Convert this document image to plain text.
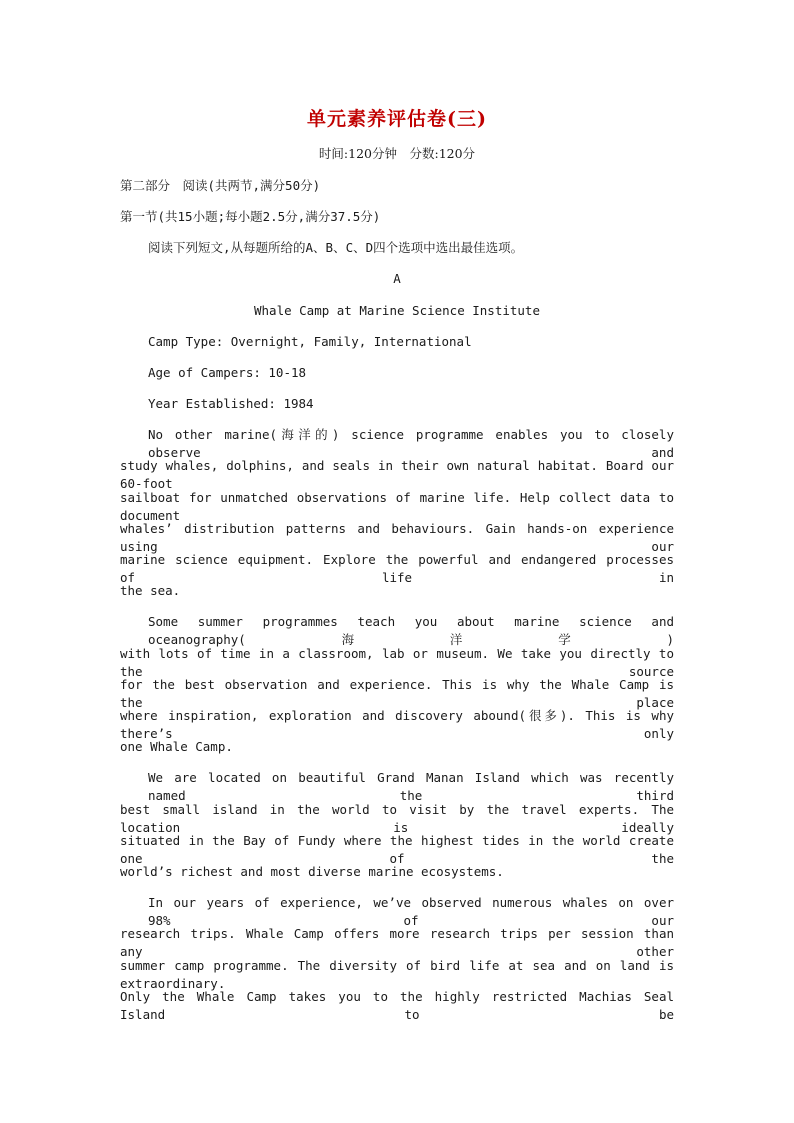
单元素养评估卷(三)
时间:120分钟　分数:120分
第二部分　阅读(共两节,满分50分)
第一节(共15小题;每小题2.5分,满分37.5分)
阅读下列短文,从每题所给的A、B、C、D四个选项中选出最佳选项。
A
Whale Camp at Marine Science Institute
Camp Type: Overnight, Family, International
Age of Campers: 10-18
Year Established: 1984
No other marine(海洋的) science programme enables you to closely observe and
study whales, dolphins, and seals in their own natural habitat. Board our 60-foot
sailboat for unmatched observations of marine life. Help collect data to document
whales’ distribution patterns and behaviours. Gain hands-on experience using our
marine science equipment. Explore the powerful and endangered processes of life in
the sea.
Some summer programmes teach you about marine science and oceanography(海洋学)
with lots of time in a classroom, lab or museum. We take you directly to the source
for the best observation and experience. This is why the Whale Camp is the place
where inspiration, exploration and discovery abound(很多). This is why there’s only
one Whale Camp.
We are located on beautiful Grand Manan Island which was recently named the third
best small island in the world to visit by the travel experts. The location is ideally
situated in the Bay of Fundy where the highest tides in the world create one of the
world’s richest and most diverse marine ecosystems.
In our years of experience, we’ve observed numerous whales on over 98% of our
research trips. Whale Camp offers more research trips per session than any other
summer camp programme. The diversity of bird life at sea and on land is extraordinary.
Only the Whale Camp takes you to the highly restricted Machias Seal Island to be
